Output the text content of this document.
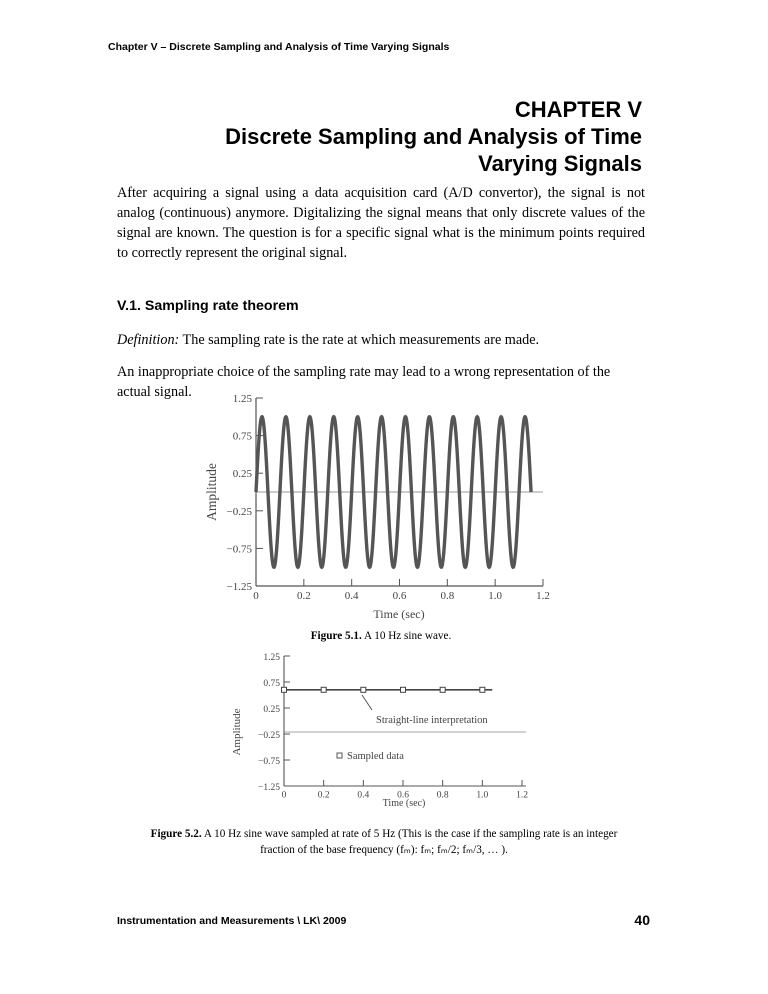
Chapter V – Discrete Sampling and Analysis of Time Varying Signals
CHAPTER V
Discrete Sampling and Analysis of Time
Varying Signals
After acquiring a signal using a data acquisition card (A/D convertor), the signal is not analog (continuous) anymore. Digitalizing the signal means that only discrete values of the signal are known. The question is for a specific signal what is the minimum points required to correctly represent the original signal.
V.1. Sampling rate theorem
Definition: The sampling rate is the rate at which measurements are made.
An inappropriate choice of the sampling rate may lead to a wrong representation of the actual signal.	1.25
0.75
0.25
−0.25
−0.75
−1.25
0	0.2	0.4	0.6	0.8	1.0	1.2
Amplitude
Time (sec)
Figure 5.1. A 10 Hz sine wave.
1.25
0.75
0.25
−0.25
−0.75
−1.25
0	0.2	0.4	0.6	0.8	1.0	1.2
Straight-line interpretation
Sampled data
Amplitude
Time (sec)
Figure 5.2. A 10 Hz sine wave sampled at rate of 5 Hz (This is the case if the sampling rate is an integer
fraction of the base frequency (fₘ): fₘ; fₘ/2; fₘ/3, … ).
Instrumentation and Measurements \ LK\ 2009	40
